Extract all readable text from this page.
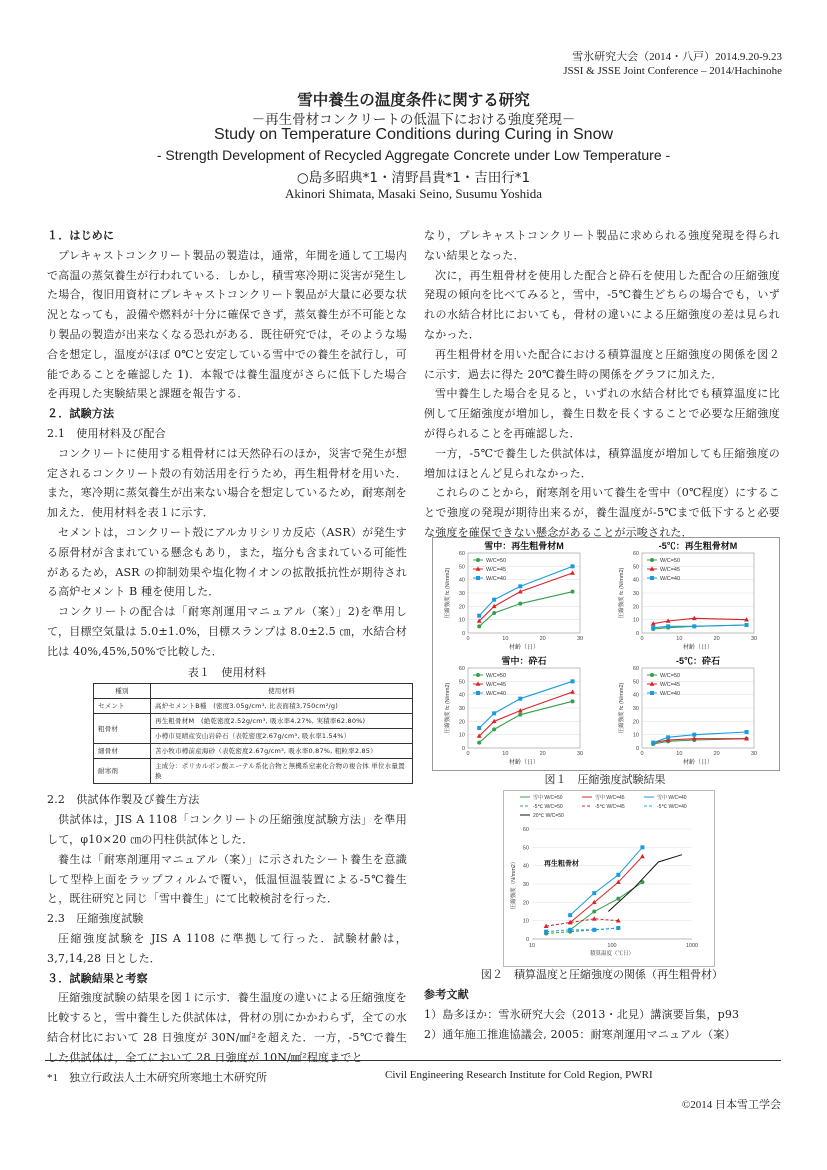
雪氷研究大会（2014・八戸）2014.9.20-9.23
JSSI & JSSE Joint Conference – 2014/Hachinohe
雪中養生の温度条件に関する研究
－再生骨材コンクリートの低温下における強度発現－
Study on Temperature Conditions during Curing in Snow
- Strength Development of Recycled Aggregate Concrete under Low Temperature -
○島多昭典*1・清野昌貴*1・吉田行*1
Akinori Shimata, Masaki Seino, Susumu Yoshida

１．はじめに

プレキャストコンクリート製品の製造は，通常，年間を通して工場内で高温の蒸気養生が行われている．しかし，積雪寒冷期に災害が発生した場合，復旧用資材にプレキャストコンクリート製品が大量に必要な状況となっても，設備や燃料が十分に確保できず，蒸気養生が不可能となり製品の製造が出来なくなる恐れがある．既往研究では，そのような場合を想定し，温度がほぼ 0℃と安定している雪中での養生を試行し，可能であることを確認した 1)．本報では養生温度がさらに低下した場合を再現した実験結果と課題を報告する．

２．試験方法

2.1　使用材料及び配合

コンクリートに使用する粗骨材には天然砕石のほか，災害で発生が想定されるコンクリート殻の有効活用を行うため，再生粗骨材を用いた．また，寒冷期に蒸気養生が出来ない場合を想定しているため，耐寒剤を加えた．使用材料を表１に示す．

セメントは，コンクリート殻にアルカリシリカ反応（ASR）が発生する原骨材が含まれている懸念もあり，また，塩分も含まれている可能性があるため，ASR の抑制効果や塩化物イオンの拡散抵抗性が期待される高炉セメント B 種を使用した．

コンクリートの配合は「耐寒剤運用マニュアル（案）」2)を準用して，目標空気量は 5.0±1.0%，目標スランプは 8.0±2.5 ㎝，水結合材比は 40%,45%,50%で比較した．

表１　使用材料
種別	使用材料
セメント	高炉セメントB種　(密度3.05g/cm³, 比表面積3,750cm²/g)
粗骨材	再生粗骨材M　(絶乾密度2.52g/cm³, 吸水率4.27%, 実積率62.80%)
	小樽市見晴産安山岩砕石（表乾密度2.67g/cm³, 吸水率1.54%）
細骨材	苫小牧市樽前産海砂（表乾密度2.67g/cm³, 吸水率0.87%, 粗粒率2.85）
耐寒剤	主成分：ポリカルボン酸エーテル系化合物と無機系窒素化合物の複合体 単位水量置換

2.2　供試体作製及び養生方法

供試体は，JIS A 1108「コンクリートの圧縮強度試験方法」を準用して，φ10×20 ㎝の円柱供試体とした．

養生は「耐寒剤運用マニュアル（案）」に示されたシート養生を意識して型枠上面をラップフィルムで覆い，低温恒温装置による-5℃養生と，既往研究と同じ「雪中養生」にて比較検討を行った．

2.3　圧縮強度試験

圧縮強度試験を JIS A 1108 に準拠して行った．試験材齢は，3,7,14,28 日とした．

３．試験結果と考察

圧縮強度試験の結果を図１に示す．養生温度の違いによる圧縮強度を比較すると，雪中養生した供試体は，骨材の別にかかわらず，全ての水結合材比において 28 日強度が 30N/㎟²を超えた．一方，-5℃で養生した供試体は，全てにおいて 28 日強度が 10N/㎟²程度までと

なり，プレキャストコンクリート製品に求められる強度発現を得られない結果となった．

次に，再生粗骨材を使用した配合と砕石を使用した配合の圧縮強度発現の傾向を比べてみると，雪中，-5℃養生どちらの場合でも，いずれの水結合材比においても，骨材の違いによる圧縮強度の差は見られなかった．

再生粗骨材を用いた配合における積算温度と圧縮強度の関係を図２に示す．過去に得た 20℃養生時の関係をグラフに加えた．

雪中養生した場合を見ると，いずれの水結合材比でも積算温度に比例して圧縮強度が増加し，養生日数を長くすることで必要な圧縮強度が得られることを再確認した．

一方，-5℃で養生した供試体は，積算温度が増加しても圧縮強度の増加はほとんど見られなかった．

これらのことから，耐寒剤を用いて養生を雪中（0℃程度）にすることで強度の発現が期待出来るが，養生温度が-5℃まで低下すると必要な強度を確保できない懸念があることが示唆された．

0
10
20
30
40
50
60
0	10	20	30
雪中：再生粗骨材M
材齢（日）
圧縮強度 fc (N/mm2)
W/C=50
W/C=45
W/C=40
0
10
20
30
40
50
60
0	10	20	30
-5℃：再生粗骨材M
材齢（日）
圧縮強度 fc (N/mm2)
W/C=50
W/C=45
W/C=40
0
10
20
30
40
50
60
0	10	20	30
雪中：砕石
材齢（日）
圧縮強度 fc (N/mm2)
W/C=50
W/C=45
W/C=40
0
10
20
30
40
50
60
0	10	20	30
-5℃：砕石
材齢（日）
圧縮強度 fc (N/mm2)
W/C=50
W/C=45
W/C=40
図１　圧縮強度試験結果
0
10
20
30
40
50
60
10	100	1000
積算温度（℃日）
圧縮強度（N/mm2）	再生粗骨材
雪中 W/C=50	雪中 W/C=45	雪中 W/C=40
-5℃ W/C=50	-5℃ W/C=45	-5℃ W/C=40
20℃ W/C=50
図２　積算温度と圧縮強度の関係（再生粗骨材）

参考文献

1）島多ほか：雪氷研究大会（2013・北見）講演要旨集，p93

2）通年施工推進協議会, 2005：耐寒剤運用マニュアル（案）

*1　独立行政法人土木研究所寒地土木研究所	Civil Engineering Research Institute for Cold Region, PWRI
©2014 日本雪工学会
